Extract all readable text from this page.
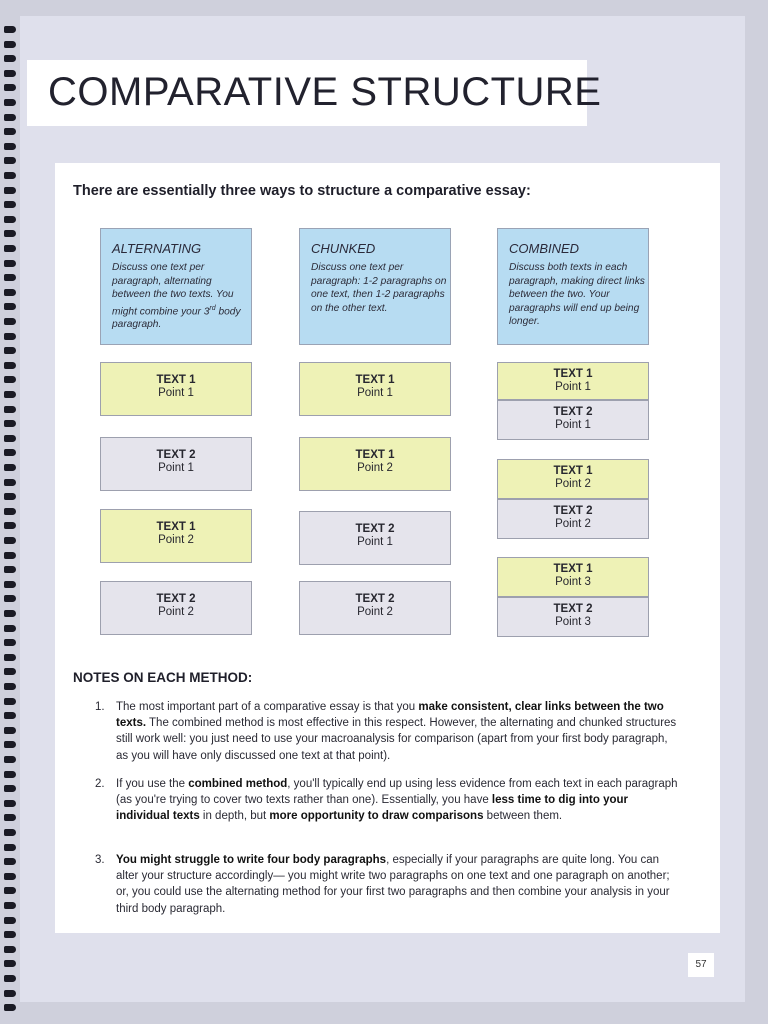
COMPARATIVE STRUCTURE
There are essentially three ways to structure a comparative essay:
ALTERNATING
Discuss one text per paragraph, alternating between the two texts. You might combine your 3rd body paragraph.
CHUNKED
Discuss one text per paragraph: 1-2 paragraphs on one text, then 1-2 paragraphs on the other text.
COMBINED
Discuss both texts in each paragraph, making direct links between the two. Your paragraphs will end up being longer.
TEXT 1
Point 1
TEXT 2
Point 1
TEXT 1
Point 2
TEXT 2
Point 2
TEXT 1
Point 1
TEXT 1
Point 2
TEXT 2
Point 1
TEXT 2
Point 2
TEXT 1
Point 1
TEXT 2
Point 1
TEXT 1
Point 2
TEXT 2
Point 2
TEXT 1
Point 3
TEXT 2
Point 3
NOTES ON EACH METHOD:
1. The most important part of a comparative essay is that you make consistent, clear links between the two texts. The combined method is most effective in this respect. However, the alternating and chunked structures still work well: you just need to use your macroanalysis for comparison (apart from your first body paragraph, as you will have only discussed one text at that point).
2. If you use the combined method, you'll typically end up using less evidence from each text in each paragraph (as you're trying to cover two texts rather than one). Essentially, you have less time to dig into your individual texts in depth, but more opportunity to draw comparisons between them.
3. You might struggle to write four body paragraphs, especially if your paragraphs are quite long. You can alter your structure accordingly— you might write two paragraphs on one text and one paragraph on another; or, you could use the alternating method for your first two paragraphs and then combine your analysis in your third body paragraph.
57
